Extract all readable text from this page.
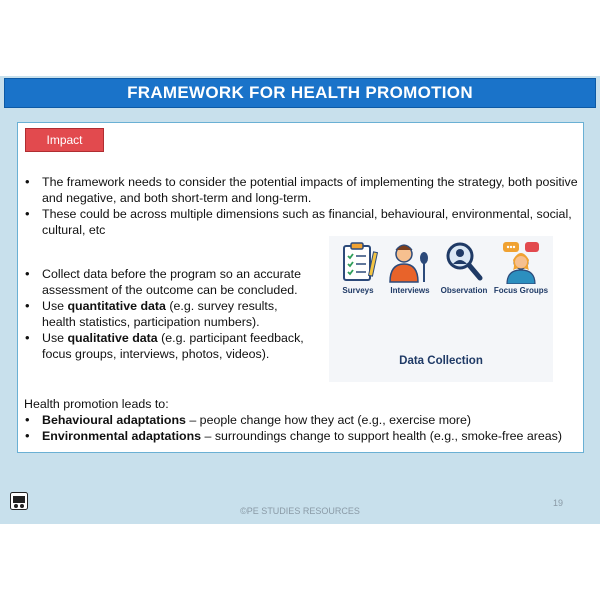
FRAMEWORK FOR HEALTH PROMOTION
Impact
• The framework needs to consider the potential impacts of implementing the strategy, both positive and negative, and both short-term and long-term.
• These could be across multiple dimensions such as financial, behavioural, environmental, social, cultural, etc
• Collect data before the program so an accurate assessment of the outcome can be concluded.
• Use quantitative data (e.g. survey results, health statistics, participation numbers).
• Use qualitative data (e.g. participant feedback, focus groups, interviews, photos, videos).
Surveys	Interviews	Observation Focus Groups
Data Collection
Health promotion leads to:
• Behavioural adaptations – people change how they act (e.g., exercise more)
• Environmental adaptations – surroundings change to support health (e.g., smoke-free areas)
19
©PE STUDIES RESOURCES
